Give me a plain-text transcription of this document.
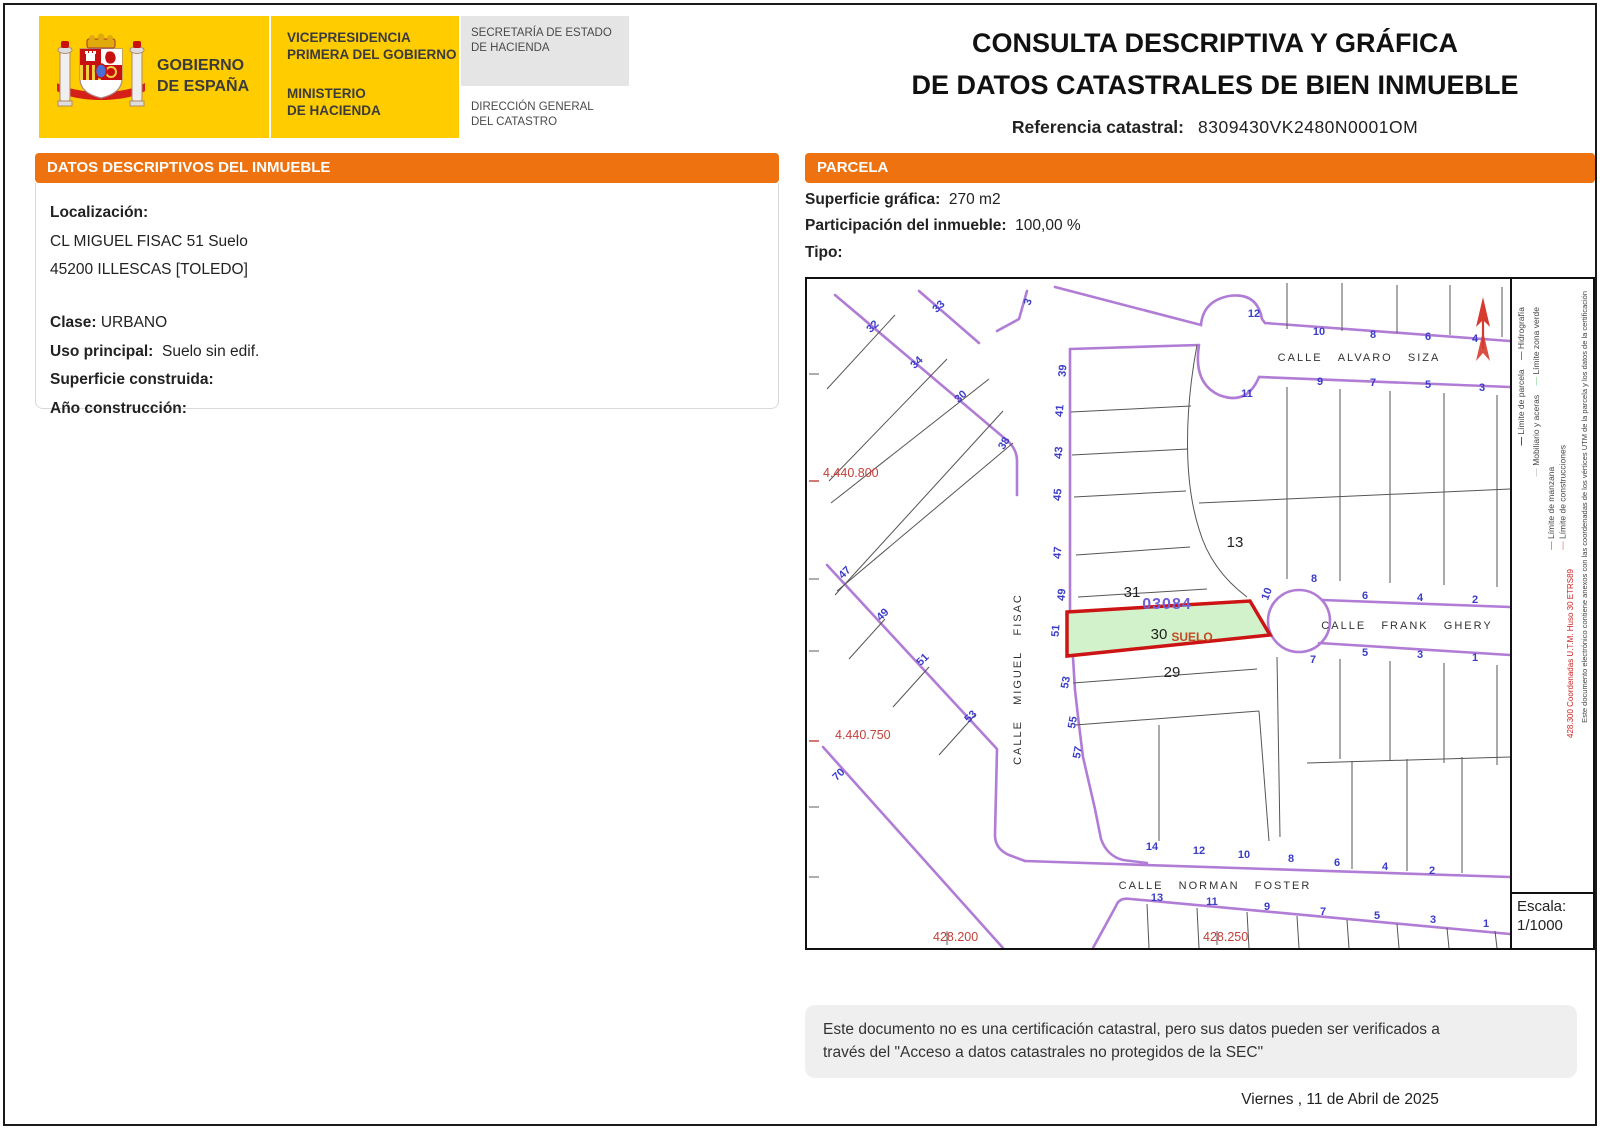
GOBIERNO
DE ESPAÑA
VICEPRESIDENCIA
PRIMERA DEL GOBIERNO
MINISTERIO
DE HACIENDA
SECRETARÍA DE ESTADO
DE HACIENDA
DIRECCIÓN GENERAL
DEL CATASTRO
CONSULTA DESCRIPTIVA Y GRÁFICA
DE DATOS CATASTRALES DE BIEN INMUEBLE
Referencia catastral: 8309430VK2480N0001OM
DATOS DESCRIPTIVOS DEL INMUEBLE
Localización:
CL MIGUEL FISAC 51 Suelo
45200 ILLESCAS [TOLEDO]
Clase: URBANO
Uso principal: Suelo sin edif.
Superficie construida:
Año construcción:
PARCELA
Superficie gráfica: 270 m2
Participación del inmueble: 100,00 %
Tipo:
32
34
30
38
33	3
39
41
43
45
47
49
51
53
55
57
47
49
51
53
70
12
10	8	6	4
11
9	7	5	3
8
10	6	4	2
7
5	3	1
14	12	10	8	6	4	2
13	11	9	7	5	3	1
CALLE   ALVARO   SIZA
CALLE   FRANK   GHERY
CALLE   NORMAN   FOSTER
CALLE   MIGUEL   FISAC
4.440.800
4.440.750
428.200	428.250
31
03084
30 SUELO
29
13
— Límite de parcela    — Hidrografía
— Mobiliario y aceras    — Límite zona verde
— Límite de manzana
— Límite de construcciones
428.300 Coordenadas U.T.M. Huso 30 ETRS89 Este documento electrónico contiene anexos con las coordenadas de los vértices UTM de la parcela y los datos de la certificación
Escala:
1/1000
Este documento no es una certificación catastral, pero sus datos pueden ser verificados a
través del "Acceso a datos catastrales no protegidos de la SEC"
Viernes , 11 de Abril de 2025
